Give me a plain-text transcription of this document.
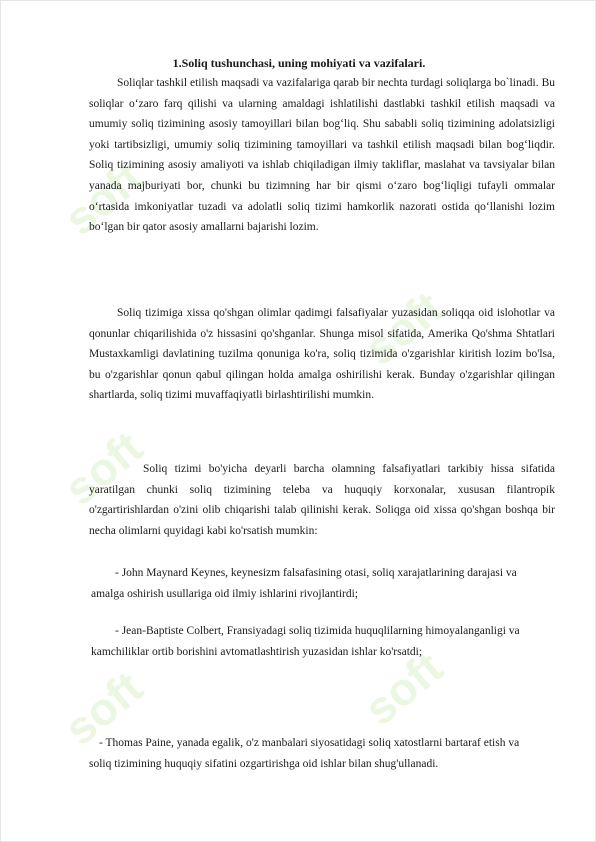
soft
soft
soft
soft	soft
1.Soliq tushunchasi, uning mohiyati va vazifalari.

Soliqlar tashkil etilish maqsadi va vazifalariga qarab bir nechta turdagi soliqlarga bo`linadi. Bu soliqlar o‘zaro farq qilishi va ularning amaldagi ishlatilishi dastlabki tashkil etilish maqsadi va umumiy soliq tizimining asosiy tamoyillari bilan bog‘liq. Shu sababli soliq tizimining adolatsizligi yoki tartibsizligi, umumiy soliq tizimining tamoyillari va tashkil etilish maqsadi bilan bog‘liqdir. Soliq tizimining asosiy amaliyoti va ishlab chiqiladigan ilmiy takliflar, maslahat va tavsiyalar bilan yanada majburiyati bor, chunki bu tizimning har bir qismi o‘zaro bog‘liqligi tufayli ommalar o‘rtasida imkoniyatlar tuzadi va adolatli soliq tizimi hamkorlik nazorati ostida qo‘llanishi lozim bo‘lgan bir qator asosiy amallarni bajarishi lozim.

Soliq tizimiga xissa qo'shgan olimlar qadimgi falsafiyalar yuzasidan soliqqa oid islohotlar va qonunlar chiqarilishida o'z hissasini qo'shganlar. Shunga misol sifatida, Amerika Qo'shma Shtatlari Mustaxkamligi davlatining tuzilma qonuniga ko'ra, soliq tizimida o'zgarishlar kiritish lozim bo'lsa, bu o'zgarishlar qonun qabul qilingan holda amalga oshirilishi kerak. Bunday o'zgarishlar qilingan shartlarda, soliq tizimi muvaffaqiyatli birlashtirilishi mumkin.

Soliq tizimi bo'yicha deyarli barcha olamning falsafiyatlari tarkibiy hissa sifatida yaratilgan chunki soliq tizimining teleba va huquqiy korxonalar, xususan filantropik o'zgartirishlardan o'zini olib chiqarishi talab qilinishi kerak. Soliqga oid xissa qo'shgan boshqa bir necha olimlarni quyidagi kabi ko'rsatish mumkin:

- John Maynard Keynes, keynesizm falsafasining otasi, soliq xarajatlarining darajasi va amalga oshirish usullariga oid ilmiy ishlarini rivojlantirdi;

- Jean-Baptiste Colbert, Fransiyadagi soliq tizimida huquqlilarning himoyalanganligi va kamchiliklar ortib borishini avtomatlashtirish yuzasidan ishlar ko'rsatdi;

- Thomas Paine, yanada egalik, o'z manbalari siyosatidagi soliq xatostlarni bartaraf etish va soliq tizimining huquqiy sifatini ozgartirishga oid ishlar bilan shug'ullanadi.
